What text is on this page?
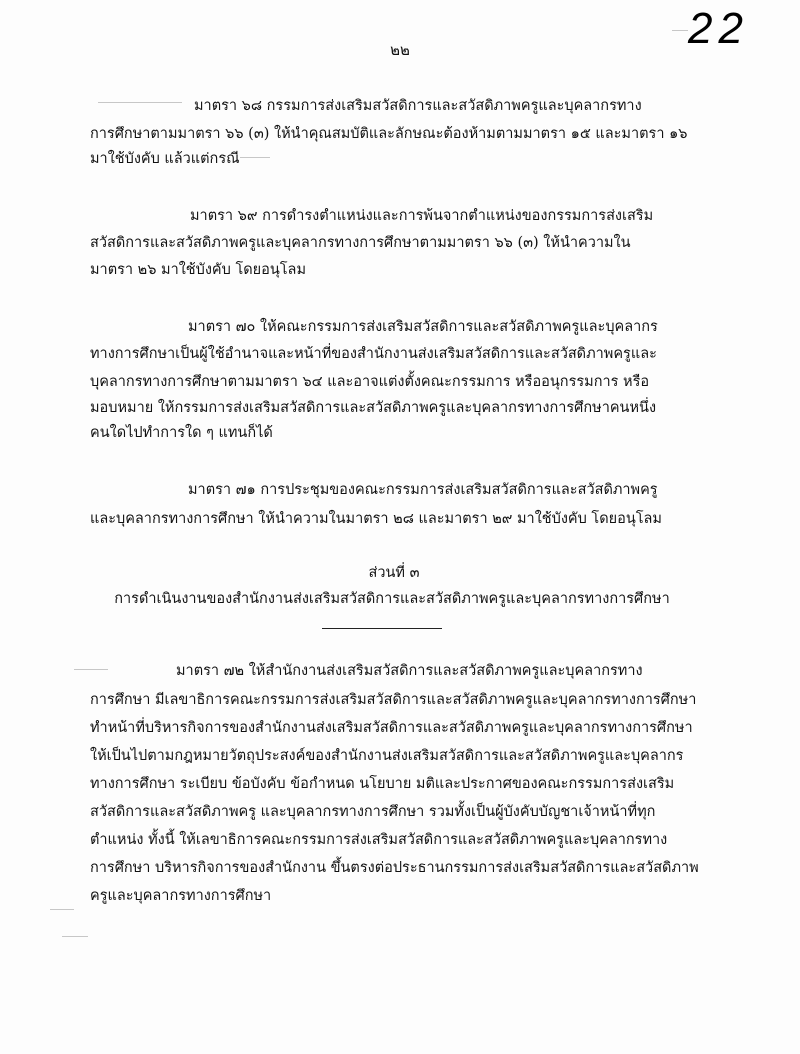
22
๒๒
มาตรา ๖๘ กรรมการส่งเสริมสวัสดิการและสวัสดิภาพครูและบุคลากรทาง
การศึกษาตามมาตรา ๖๖ (๓) ให้นำคุณสมบัติและลักษณะต้องห้ามตามมาตรา ๑๕ และมาตรา ๑๖
มาใช้บังคับ แล้วแต่กรณี
มาตรา ๖๙ การดำรงตำแหน่งและการพ้นจากตำแหน่งของกรรมการส่งเสริม
สวัสดิการและสวัสดิภาพครูและบุคลากรทางการศึกษาตามมาตรา ๖๖ (๓) ให้นำความใน
มาตรา ๒๖ มาใช้บังคับ โดยอนุโลม
มาตรา ๗๐ ให้คณะกรรมการส่งเสริมสวัสดิการและสวัสดิภาพครูและบุคลากร
ทางการศึกษาเป็นผู้ใช้อำนาจและหน้าที่ของสำนักงานส่งเสริมสวัสดิการและสวัสดิภาพครูและ
บุคลากรทางการศึกษาตามมาตรา ๖๔ และอาจแต่งตั้งคณะกรรมการ หรืออนุกรรมการ หรือ
มอบหมาย ให้กรรมการส่งเสริมสวัสดิการและสวัสดิภาพครูและบุคลากรทางการศึกษาคนหนึ่ง
คนใดไปทำการใด ๆ แทนก็ได้
มาตรา ๗๑ การประชุมของคณะกรรมการส่งเสริมสวัสดิการและสวัสดิภาพครู
และบุคลากรทางการศึกษา ให้นำความในมาตรา ๒๘ และมาตรา ๒๙ มาใช้บังคับ โดยอนุโลม
ส่วนที่ ๓
การดำเนินงานของสำนักงานส่งเสริมสวัสดิการและสวัสดิภาพครูและบุคลากรทางการศึกษา
มาตรา ๗๒ ให้สำนักงานส่งเสริมสวัสดิการและสวัสดิภาพครูและบุคลากรทาง
การศึกษา มีเลขาธิการคณะกรรมการส่งเสริมสวัสดิการและสวัสดิภาพครูและบุคลากรทางการศึกษา
ทำหน้าที่บริหารกิจการของสำนักงานส่งเสริมสวัสดิการและสวัสดิภาพครูและบุคลากรทางการศึกษา
ให้เป็นไปตามกฎหมายวัตถุประสงค์ของสำนักงานส่งเสริมสวัสดิการและสวัสดิภาพครูและบุคลากร
ทางการศึกษา ระเบียบ ข้อบังคับ ข้อกำหนด นโยบาย มติและประกาศของคณะกรรมการส่งเสริม
สวัสดิการและสวัสดิภาพครู และบุคลากรทางการศึกษา รวมทั้งเป็นผู้บังคับบัญชาเจ้าหน้าที่ทุก
ตำแหน่ง ทั้งนี้ ให้เลขาธิการคณะกรรมการส่งเสริมสวัสดิการและสวัสดิภาพครูและบุคลากรทาง
การศึกษา บริหารกิจการของสำนักงาน ขึ้นตรงต่อประธานกรรมการส่งเสริมสวัสดิการและสวัสดิภาพ
ครูและบุคลากรทางการศึกษา
